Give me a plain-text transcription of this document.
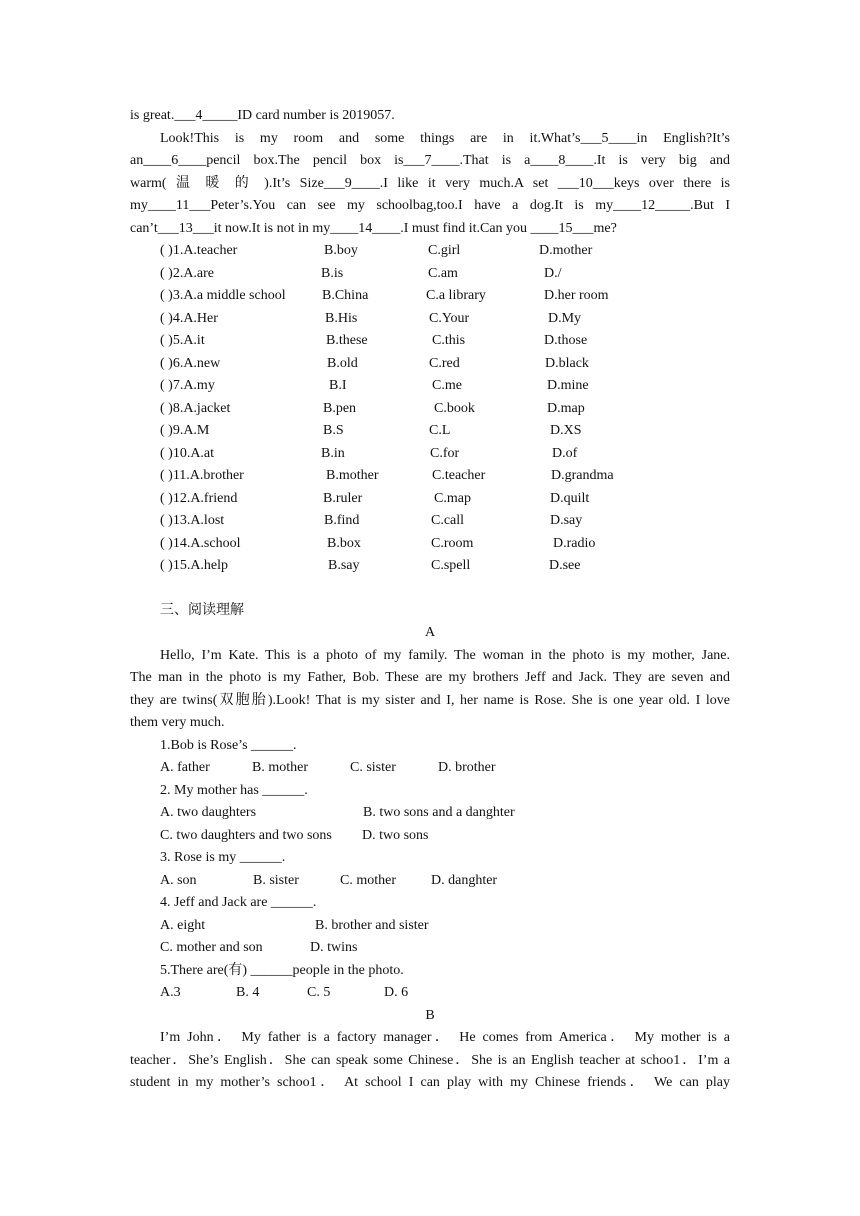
is great.___4_____ID card number is 2019057.
Look!This is my room and some things are in it.What’s___5____in English?It’s
an____6____pencil box.The pencil box is___7____.That is a____8____.It is very big and
warm( 温 暖 的 ).It’s Size___9____.I like it very much.A set ___10___keys over there is
my____11___Peter’s.You can see my schoolbag,too.I have a dog.It is my____12_____.But I
can’t___13___it now.It is not in my____14____.I must find it.Can you ____15___me?
( )1.A.teacher	B.boy	C.girl	D.mother
( )2.A.are	B.is	C.am	D./
( )3.A.a middle school	B.China	C.a library	D.her room
( )4.A.Her	B.His	C.Your	D.My
( )5.A.it	B.these	C.this	D.those
( )6.A.new	B.old	C.red	D.black
( )7.A.my	B.I	C.me	D.mine
( )8.A.jacket	B.pen	C.book	D.map
( )9.A.M	B.S	C.L	D.XS
( )10.A.at	B.in	C.for	D.of
( )11.A.brother	B.mother	C.teacher	D.grandma
( )12.A.friend	B.ruler	C.map	D.quilt
( )13.A.lost	B.find	C.call	D.say
( )14.A.school	B.box	C.room	D.radio
( )15.A.help	B.say	C.spell	D.see
三、阅读理解
A
Hello, I’m Kate. This is a photo of my family. The woman in the photo is my mother, Jane.
The man in the photo is my Father, Bob. These are my brothers Jeff and Jack. They are seven and
they are twins(双胞胎).Look! That is my sister and I, her name is Rose. She is one year old. I love
them very much.
1.Bob is Rose’s ______.
A. father	B. mother	C. sister	D. brother
2. My mother has ______.
A. two daughters	B. two sons and a danghter
C. two daughters and two sons D. two sons
3. Rose is my ______.
A. son	B. sister	C. mother	D. danghter
4. Jeff and Jack are ______.
A. eight	B. brother and sister
C. mother and son	D. twins
5.There are(有) ______people in the photo.
A.3	B. 4	C. 5	D. 6
B
I’m John． My father is a factory manager． He comes from America． My mother is a
teacher．She’s English．She can speak some Chinese．She is an English teacher at schoo1．I’m a
student in my mother’s schoo1． At school I can play with my Chinese friends． We can play
